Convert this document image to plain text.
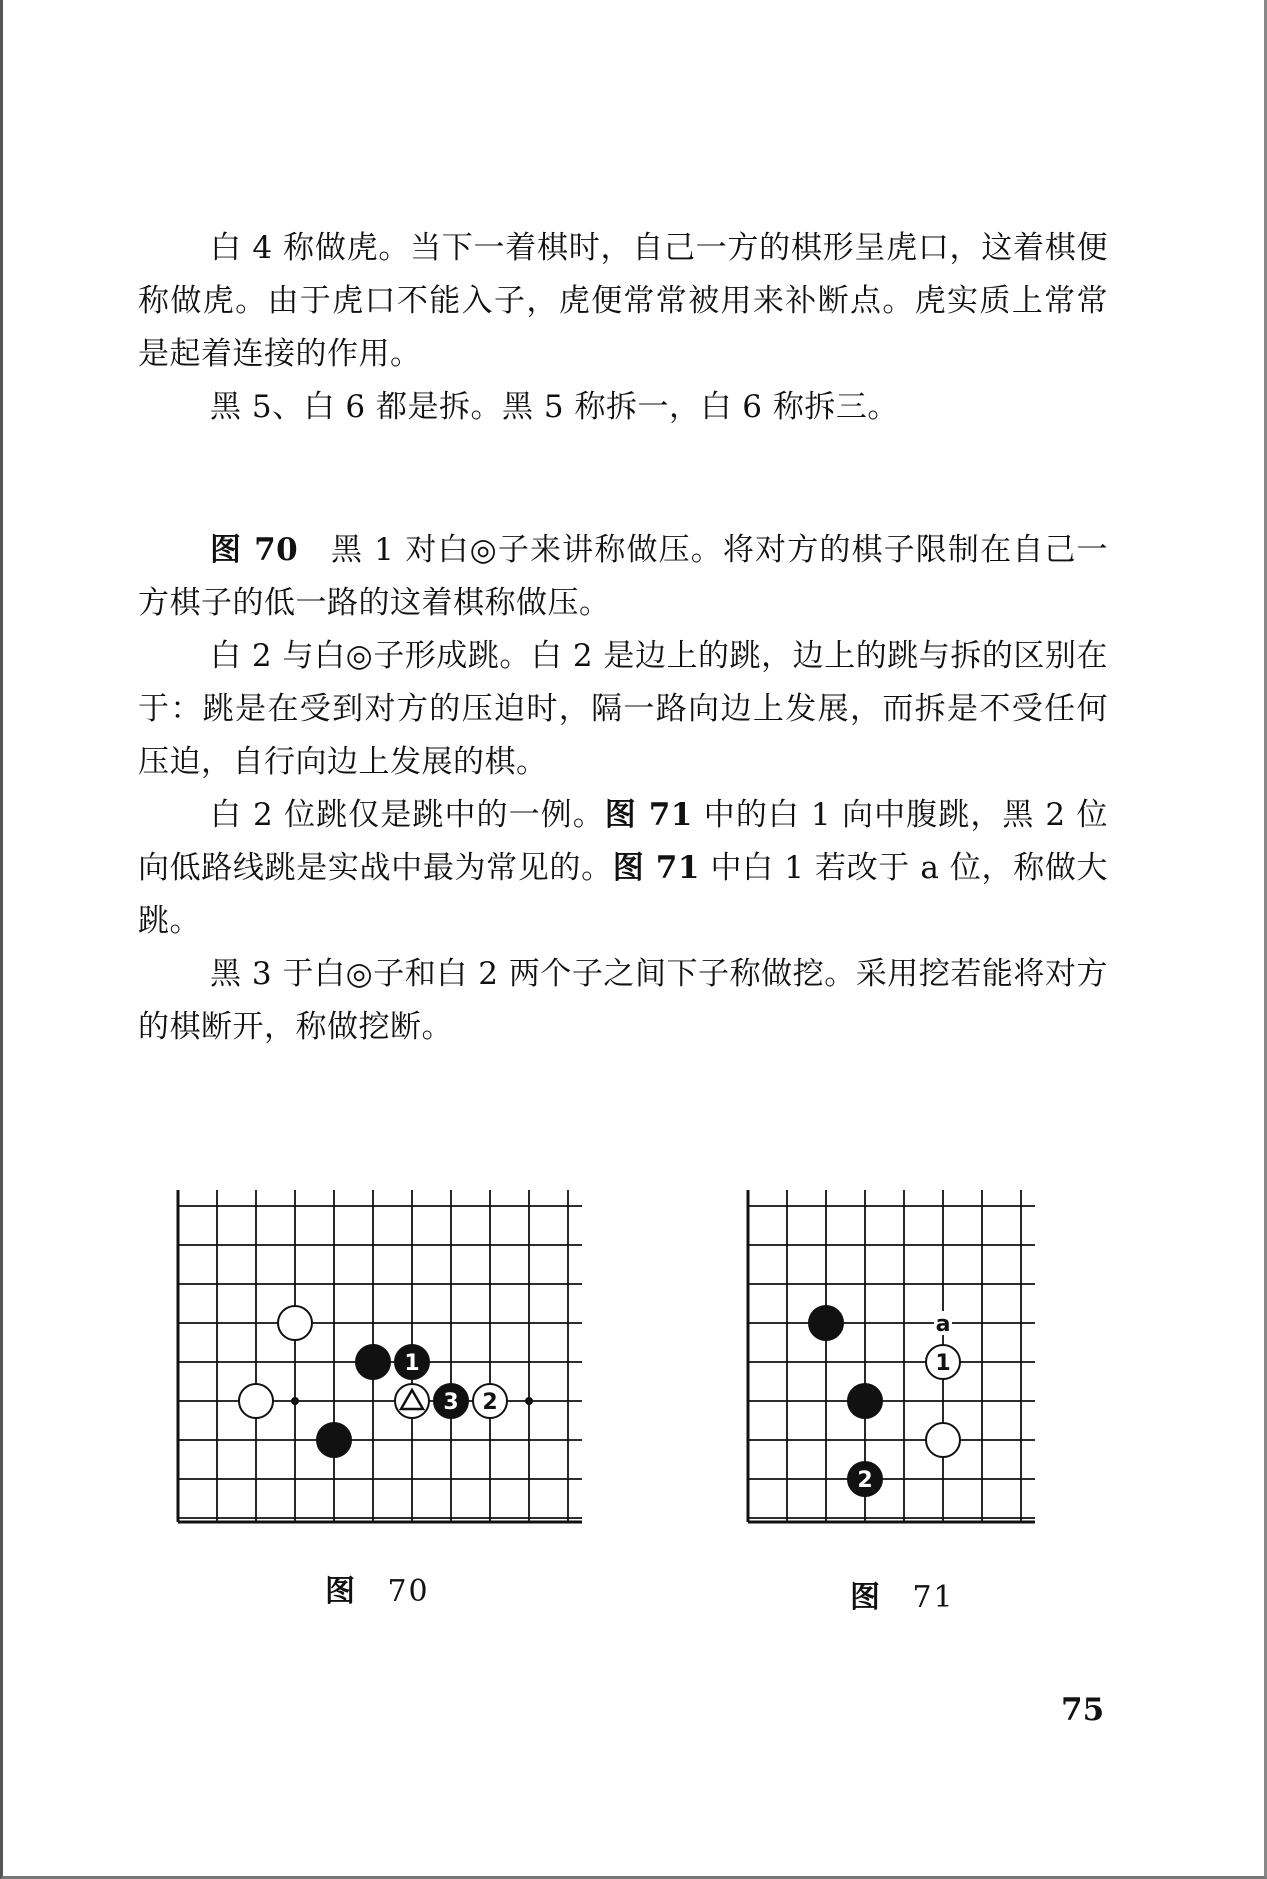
白 4 称做虎。当下一着棋时，自己一方的棋形呈虎口，这着棋便称做虎。由于虎口不能入子，虎便常常被用来补断点。虎实质上常常是起着连接的作用。

黑 5、白 6 都是拆。黑 5 称拆一，白 6 称拆三。

图 70　黑 1 对白◎子来讲称做压。将对方的棋子限制在自己一方棋子的低一路的这着棋称做压。

白 2 与白◎子形成跳。白 2 是边上的跳，边上的跳与拆的区别在于：跳是在受到对方的压迫时，隔一路向边上发展，而拆是不受任何压迫，自行向边上发展的棋。

白 2 位跳仅是跳中的一例。图 71 中的白 1 向中腹跳，黑 2 位向低路线跳是实战中最为常见的。图 71 中白 1 若改于 a 位，称做大跳。

黑 3 于白◎子和白 2 两个子之间下子称做挖。采用挖若能将对方的棋断开，称做挖断。

1
3 2
图 70
a
1
2
图 71
75
